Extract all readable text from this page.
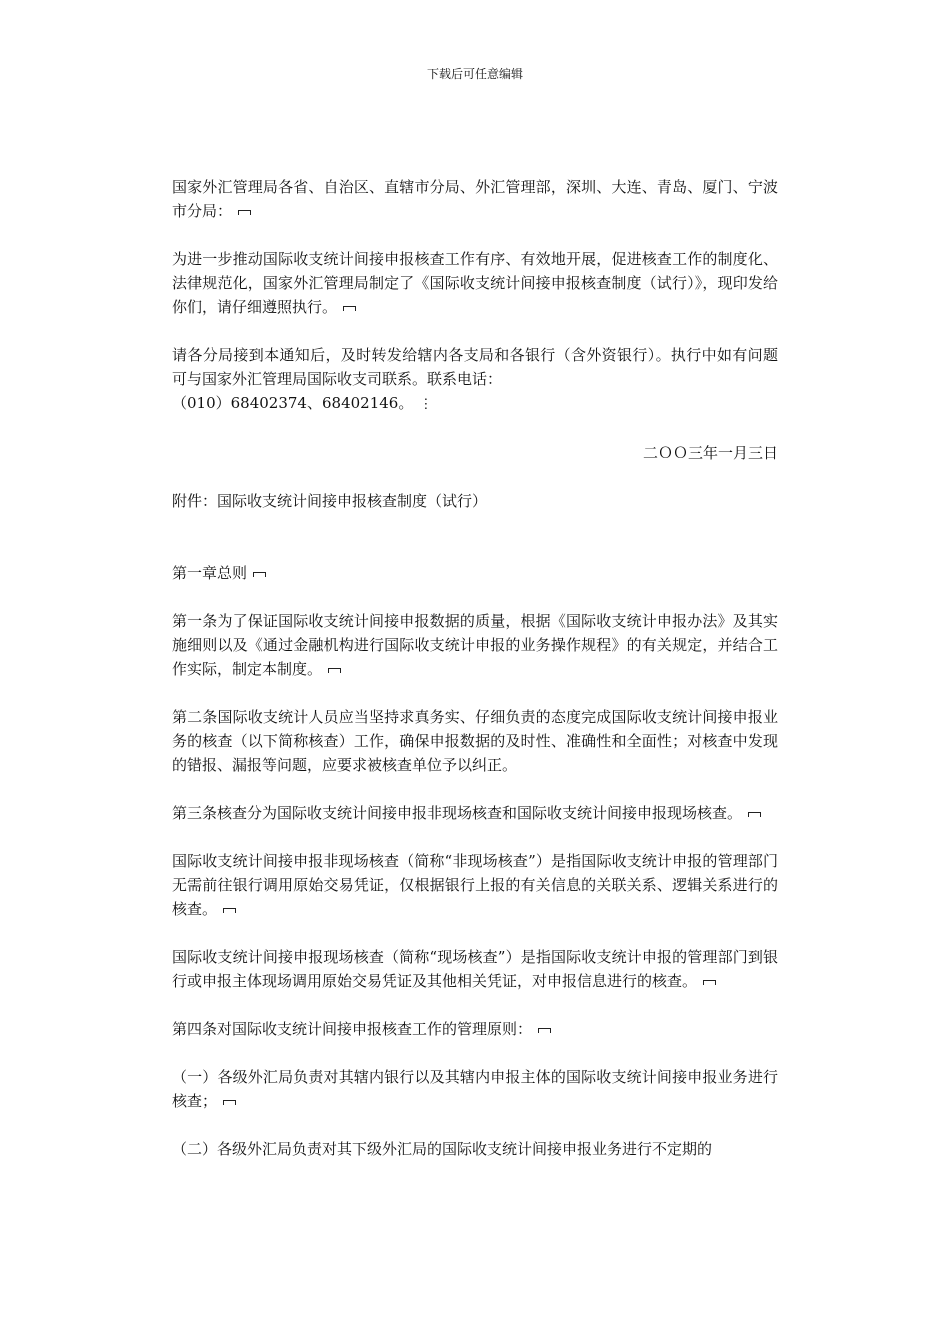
下载后可任意编辑

国家外汇管理局各省、自治区、直辖市分局、外汇管理部，深圳、大连、青岛、厦门、宁波市分局：

为进一步推动国际收支统计间接申报核查工作有序、有效地开展，促进核查工作的制度化、法律规范化，国家外汇管理局制定了《国际收支统计间接申报核查制度（试行）》，现印发给你们，请仔细遵照执行。

请各分局接到本通知后，及时转发给辖内各支局和各银行（含外资银行）。执行中如有问题可与国家外汇管理局国际收支司联系。联系电话：
（010）68402374、68402146。 ⋮

二ＯＯ三年一月三日

附件：国际收支统计间接申报核查制度（试行）

第一章总则

第一条为了保证国际收支统计间接申报数据的质量，根据《国际收支统计申报办法》及其实施细则以及《通过金融机构进行国际收支统计申报的业务操作规程》的有关规定，并结合工作实际，制定本制度。

第二条国际收支统计人员应当坚持求真务实、仔细负责的态度完成国际收支统计间接申报业务的核查（以下简称核查）工作，确保申报数据的及时性、准确性和全面性；对核查中发现的错报、漏报等问题，应要求被核查单位予以纠正。

第三条核查分为国际收支统计间接申报非现场核查和国际收支统计间接申报现场核查。

国际收支统计间接申报非现场核查（简称“非现场核查”）是指国际收支统计申报的管理部门无需前往银行调用原始交易凭证，仅根据银行上报的有关信息的关联关系、逻辑关系进行的核查。

国际收支统计间接申报现场核查（简称“现场核查”）是指国际收支统计申报的管理部门到银行或申报主体现场调用原始交易凭证及其他相关凭证，对申报信息进行的核查。

第四条对国际收支统计间接申报核查工作的管理原则：

（一）各级外汇局负责对其辖内银行以及其辖内申报主体的国际收支统计间接申报业务进行核查；

（二）各级外汇局负责对其下级外汇局的国际收支统计间接申报业务进行不定期的
